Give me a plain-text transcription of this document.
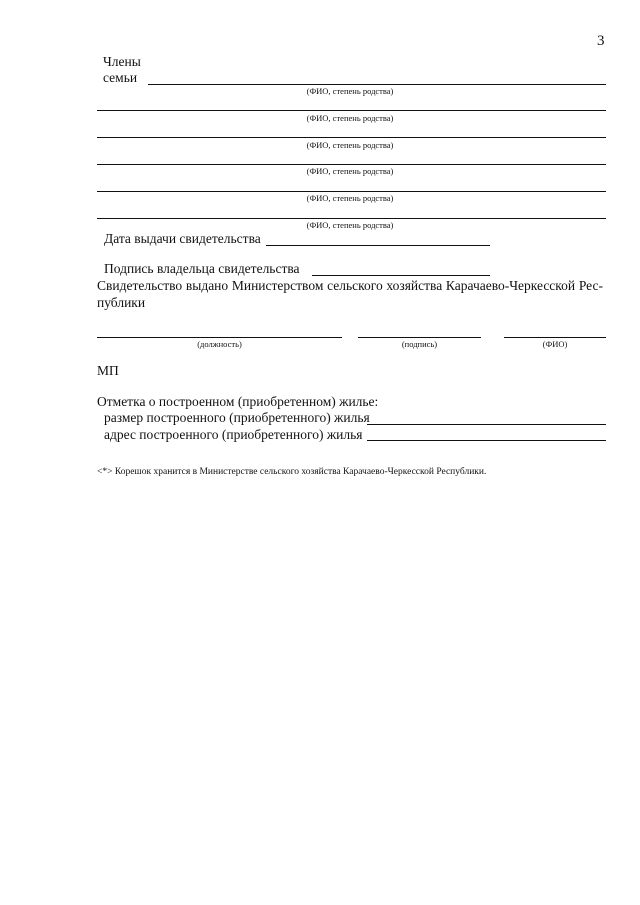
3
Члены
семьи
(ФИО, степень родства)
(ФИО, степень родства)
(ФИО, степень родства)
(ФИО, степень родства)
(ФИО, степень родства)
(ФИО, степень родства)
Дата выдачи свидетельства
Подпись владельца свидетельства
Свидетельство выдано Министерством сельского хозяйства Карачаево-Черкесской Рес-
публики
(должность)	(подпись)	(ФИО)
МП
Отметка о построенном (приобретенном) жилье:
размер построенного (приобретенного) жилья
адрес построенного (приобретенного) жилья
<*> Корешок хранится в Министерстве сельского хозяйства Карачаево-Черкесской Республики.
